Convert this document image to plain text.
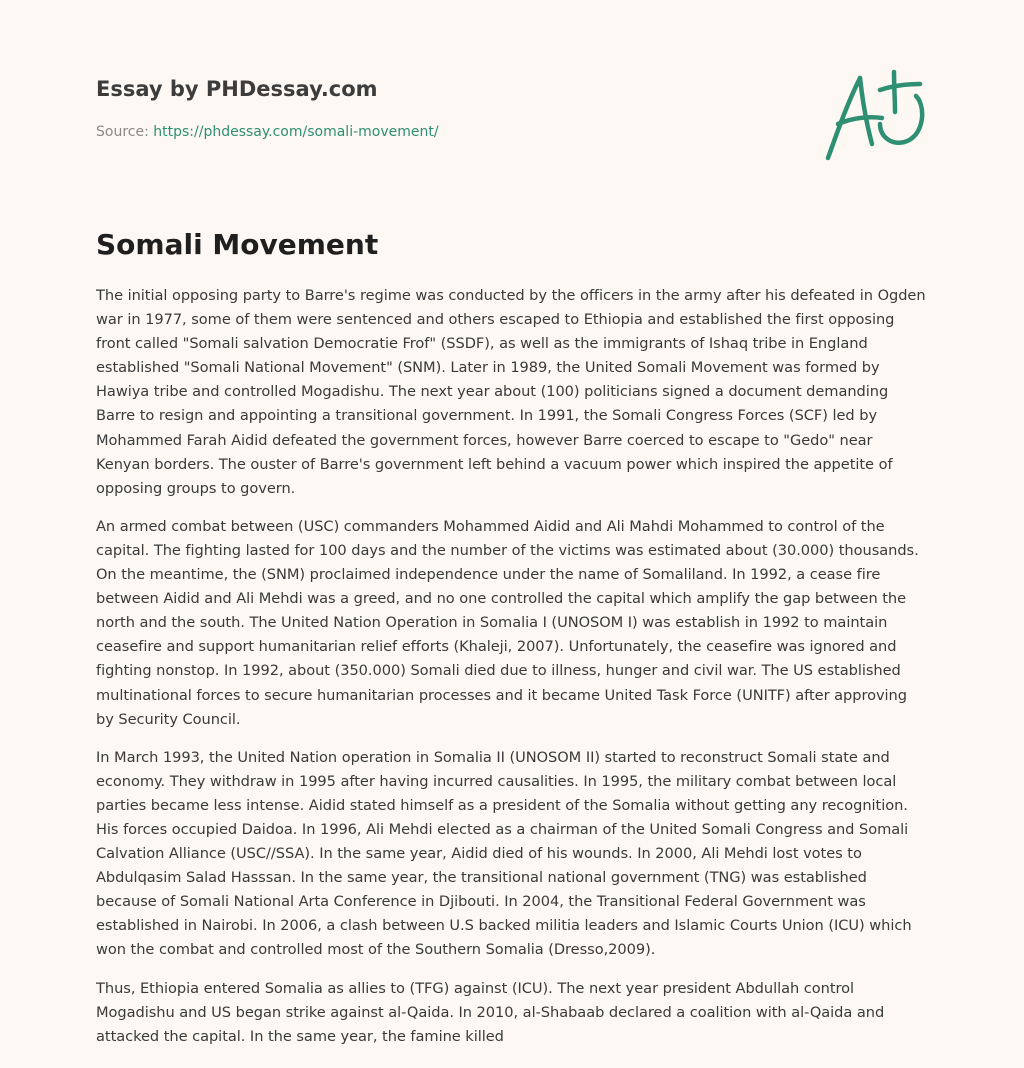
Essay by PHDessay.com
Source: https://phdessay.com/somali-movement/
Somali Movement

The initial opposing party to Barre's regime was conducted by the officers in the army after his defeated in Ogden war in 1977, some of them were sentenced and others escaped to Ethiopia and established the first opposing front called "Somali salvation Democratie Frof" (SSDF), as well as the immigrants of Ishaq tribe in England established "Somali National Movement" (SNM). Later in 1989, the United Somali Movement was formed by Hawiya tribe and controlled Mogadishu. The next year about (100) politicians signed a document demanding Barre to resign and appointing a transitional government. In 1991, the Somali Congress Forces (SCF) led by Mohammed Farah Aidid defeated the government forces, however Barre coerced to escape to "Gedo" near Kenyan borders. The ouster of Barre's government left behind a vacuum power which inspired the appetite of opposing groups to govern.

An armed combat between (USC) commanders Mohammed Aidid and Ali Mahdi Mohammed to control of the capital. The fighting lasted for 100 days and the number of the victims was estimated about (30.000) thousands. On the meantime, the (SNM) proclaimed independence under the name of Somaliland. In 1992, a cease fire between Aidid and Ali Mehdi was a greed, and no one controlled the capital which amplify the gap between the north and the south. The United Nation Operation in Somalia I (UNOSOM I) was establish in 1992 to maintain ceasefire and support humanitarian relief efforts (Khaleji, 2007). Unfortunately, the ceasefire was ignored and fighting nonstop. In 1992, about (350.000) Somali died due to illness, hunger and civil war. The US established multinational forces to secure humanitarian processes and it became United Task Force (UNITF) after approving by Security Council.

In March 1993, the United Nation operation in Somalia II (UNOSOM II) started to reconstruct Somali state and economy. They withdraw in 1995 after having incurred causalities. In 1995, the military combat between local parties became less intense. Aidid stated himself as a president of the Somalia without getting any recognition. His forces occupied Daidoa. In 1996, Ali Mehdi elected as a chairman of the United Somali Congress and Somali Calvation Alliance (USC//SSA). In the same year, Aidid died of his wounds. In 2000, Ali Mehdi lost votes to Abdulqasim Salad Hasssan. In the same year, the transitional national government (TNG) was established because of Somali National Arta Conference in Djibouti. In 2004, the Transitional Federal Government was established in Nairobi. In 2006, a clash between U.S backed militia leaders and Islamic Courts Union (ICU) which won the combat and controlled most of the Southern Somalia (Dresso,2009).

Thus, Ethiopia entered Somalia as allies to (TFG) against (ICU). The next year president Abdullah control Mogadishu and US began strike against al-Qaida. In 2010, al-Shabaab declared a coalition with al-Qaida and attacked the capital. In the same year, the famine killed
